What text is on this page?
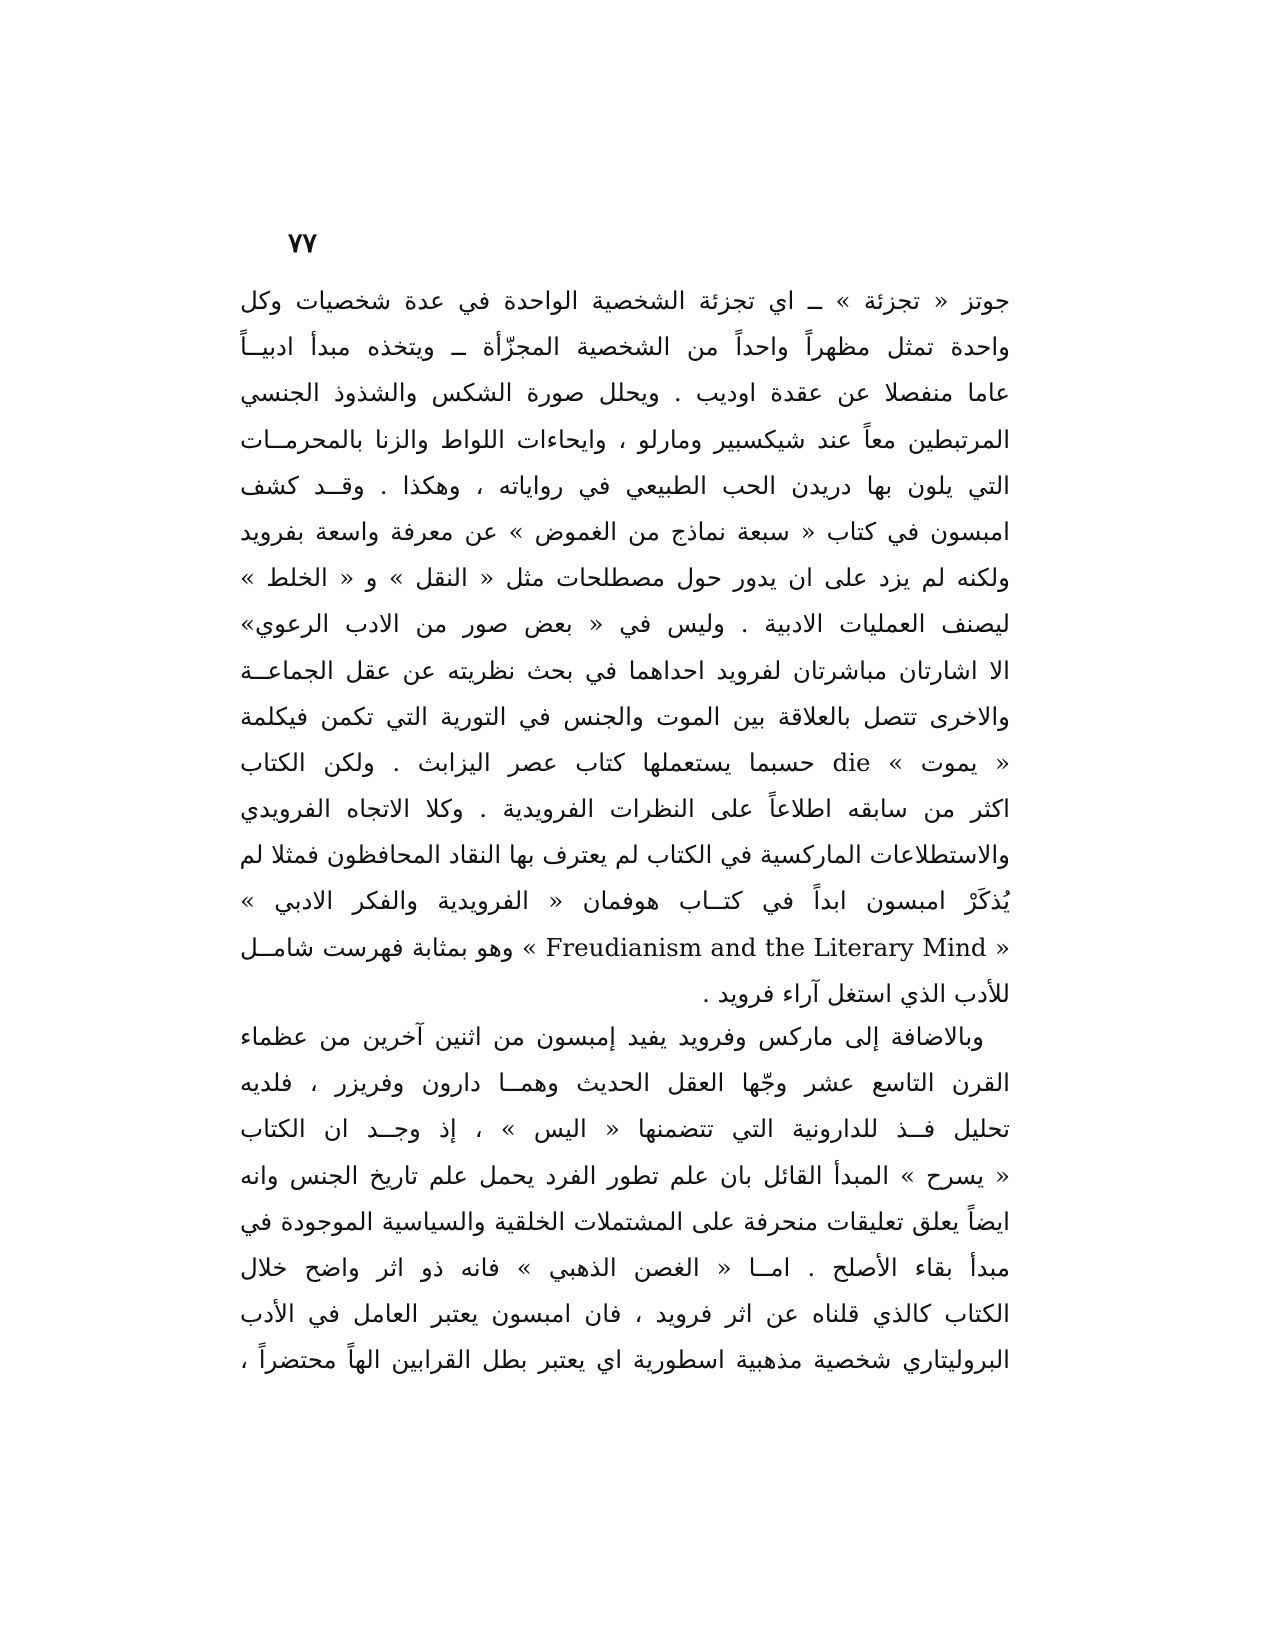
٧٧
جوتز « تجزئة » ــ اي تجزئة الشخصية الواحدة في عدة شخصيات وكل
واحدة تمثل مظهراً واحداً من الشخصية المجزّأة ــ ويتخذه مبدأ ادبيــاً
عاما منفصلا عن عقدة اوديب . ويحلل صورة الشكس والشذوذ الجنسي
المرتبطين معاً عند شيكسبير ومارلو ، وايحاءات اللواط والزنا بالمحرمــات
التي يلون بها دريدن الحب الطبيعي في رواياته ، وهكذا . وقــد كشف
امبسون في كتاب « سبعة نماذج من الغموض » عن معرفة واسعة بفرويد
ولكنه لم يزد على ان يدور حول مصطلحات مثل « النقل » و « الخلط »
ليصنف العمليات الادبية . وليس في « بعض صور من الادب الرعوي»
الا اشارتان مباشرتان لفرويد احداهما في بحث نظريته عن عقل الجماعــة
والاخرى تتصل بالعلاقة بين الموت والجنس في التورية التي تكمن فيكلمة
« يموت » die حسبما يستعملها كتاب عصر اليزابث . ولكن الكتاب
اكثر من سابقه اطلاعاً على النظرات الفرويدية . وكلا الاتجاه الفرويدي
والاستطلاعات الماركسية في الكتاب لم يعترف بها النقاد المحافظون فمثلا لم
يُذكَرْ امبسون ابداً في كتــاب هوفمان « الفرويدية والفكر الادبي »
« Freudianism and the Literary Mind » وهو بمثابة فهرست شامــل
للأدب الذي استغل آراء فرويد .
وبالاضافة إلى ماركس وفرويد يفيد إمبسون من اثنين آخرين من عظماء
القرن التاسع عشر وجّها العقل الحديث وهمــا دارون وفريزر ، فلديه
تحليل فــذ للدارونية التي تتضمنها « اليس » ، إذ وجــد ان الكتاب
« يسرح » المبدأ القائل بان علم تطور الفرد يحمل علم تاريخ الجنس وانه
ايضاً يعلق تعليقات منحرفة على المشتملات الخلقية والسياسية الموجودة في
مبدأ بقاء الأصلح . امــا « الغصن الذهبي » فانه ذو اثر واضح خلال
الكتاب كالذي قلناه عن اثر فرويد ، فان امبسون يعتبر العامل في الأدب
البروليتاري شخصية مذهبية اسطورية اي يعتبر بطل القرابين الهاً محتضراً ،
